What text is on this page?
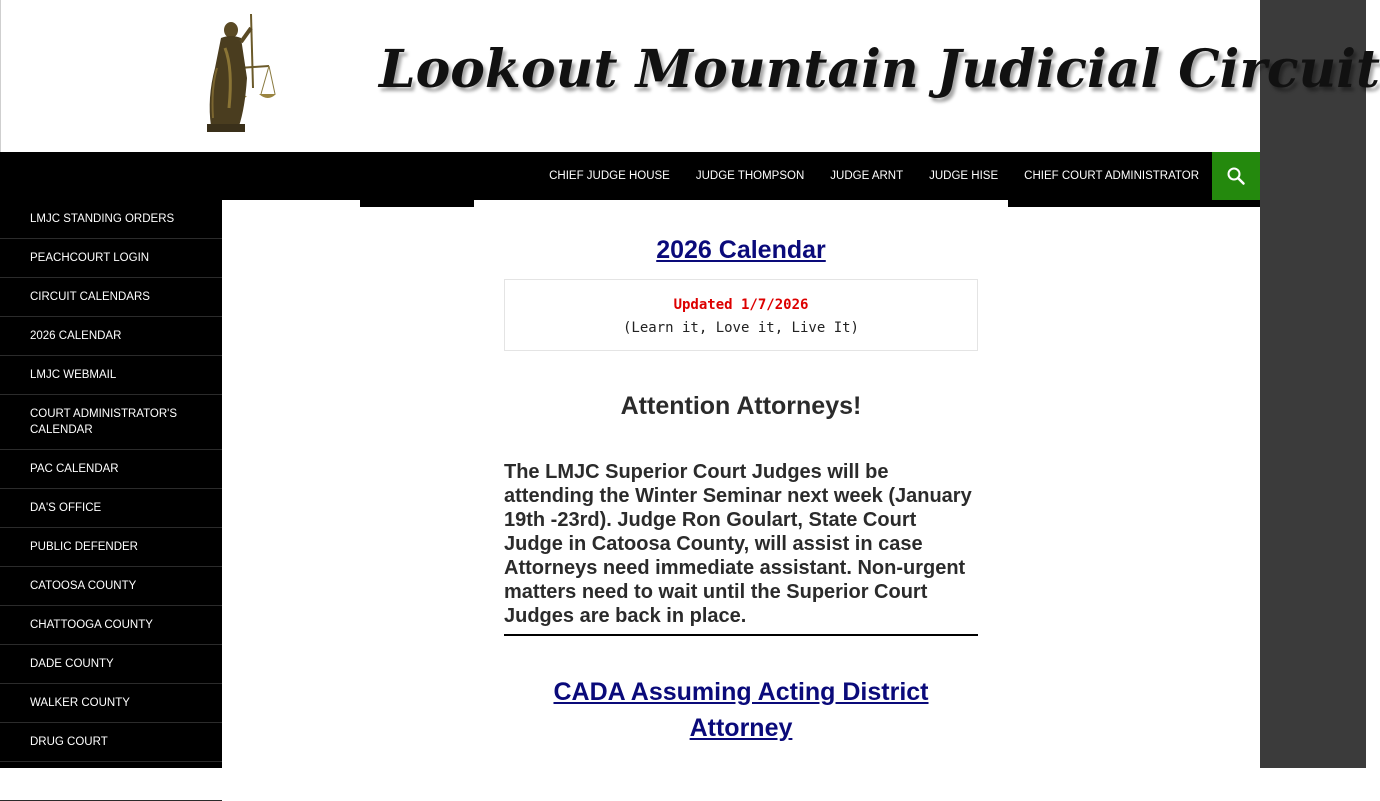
Lookout Mountain Judicial Circuit
CHIEF JUDGE HOUSE	JUDGE THOMPSON	JUDGE ARNT	JUDGE HISE	CHIEF COURT ADMINISTRATOR
LMJC STANDING ORDERS
PEACHCOURT LOGIN
CIRCUIT CALENDARS
2026 CALENDAR
LMJC WEBMAIL
COURT ADMINISTRATOR'S CALENDAR
PAC CALENDAR
DA'S OFFICE
PUBLIC DEFENDER
CATOOSA COUNTY
CHATTOOGA COUNTY
DADE COUNTY
WALKER COUNTY
DRUG COURT
WELLNESS COURT
2026 Calendar
Updated 1/7/2026
(Learn it, Love it, Live It)
Attention Attorneys!
The LMJC Superior Court Judges will be attending the Winter Seminar next week (January 19th -23rd). Judge Ron Goulart, State Court Judge in Catoosa County, will assist in case Attorneys need immediate assistant. Non-urgent matters need to wait until the Superior Court Judges are back in place.
CADA Assuming Acting District Attorney
